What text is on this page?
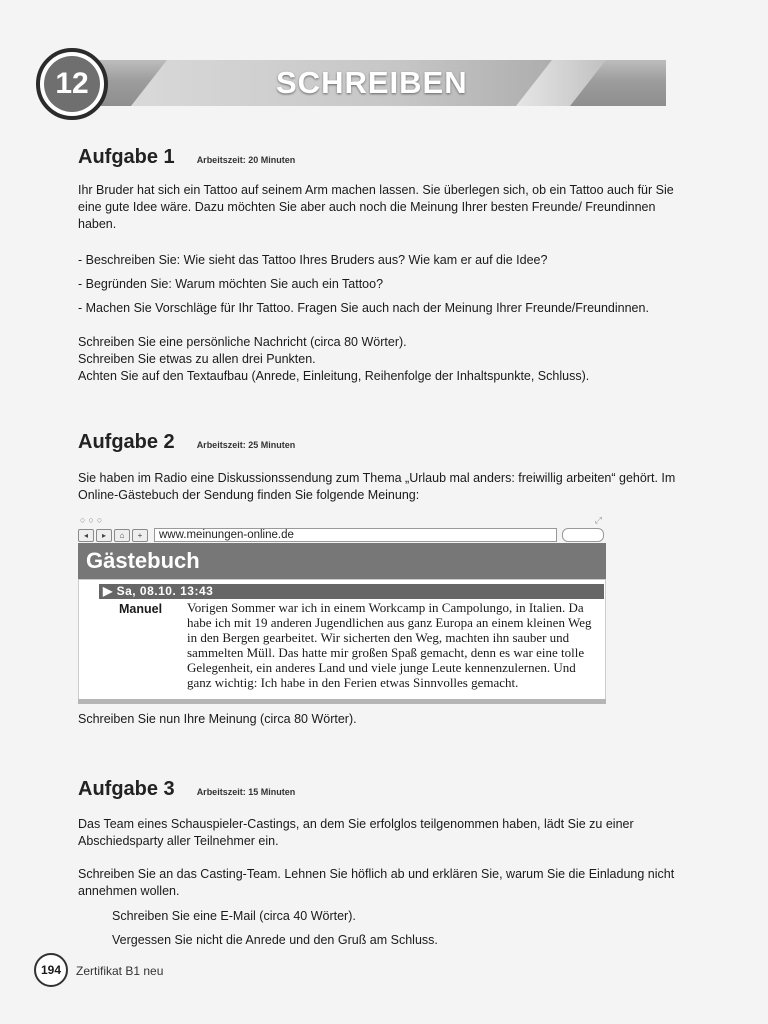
SCHREIBEN
12
Aufgabe 1 Arbeitszeit: 20 Minuten

Ihr Bruder hat sich ein Tattoo auf seinem Arm machen lassen. Sie überlegen sich, ob ein Tattoo auch für Sie eine gute Idee wäre. Dazu möchten Sie aber auch noch die Meinung Ihrer besten Freunde/ Freundinnen haben.

- Beschreiben Sie: Wie sieht das Tattoo Ihres Bruders aus? Wie kam er auf die Idee?

- Begründen Sie: Warum möchten Sie auch ein Tattoo?

- Machen Sie Vorschläge für Ihr Tattoo. Fragen Sie auch nach der Meinung Ihrer Freunde/Freundinnen.

Schreiben Sie eine persönliche Nachricht (circa 80 Wörter).

Schreiben Sie etwas zu allen drei Punkten.

Achten Sie auf den Textaufbau (Anrede, Einleitung, Reihenfolge der Inhaltspunkte, Schluss).

Aufgabe 2 Arbeitszeit: 25 Minuten

Sie haben im Radio eine Diskussionssendung zum Thema „Urlaub mal anders: freiwillig arbeiten“ gehört. Im Online-Gästebuch der Sendung finden Sie folgende Meinung:

○○○	⤢
◂	▸	⌂	+	www.meinungen-online.de
Gästebuch
▶ Sa, 08.10. 13:43
Manuel Vorigen Sommer war ich in einem Workcamp in Campolungo, in Italien. Da habe ich mit 19 anderen Jugendlichen aus ganz Europa an einem kleinen Weg in den Bergen gearbeitet. Wir sicherten den Weg, machten ihn sauber und sammelten Müll. Das hatte mir großen Spaß gemacht, denn es war eine tolle Gelegenheit, ein anderes Land und viele junge Leute kennenzulernen. Und ganz wichtig: Ich habe in den Ferien etwas Sinnvolles gemacht.

Schreiben Sie nun Ihre Meinung (circa 80 Wörter).

Aufgabe 3 Arbeitszeit: 15 Minuten

Das Team eines Schauspieler-Castings, an dem Sie erfolglos teilgenommen haben, lädt Sie zu einer Abschiedsparty aller Teilnehmer ein.

Schreiben Sie an das Casting-Team. Lehnen Sie höflich ab und erklären Sie, warum Sie die Einladung nicht annehmen wollen.

Schreiben Sie eine E-Mail (circa 40 Wörter).

Vergessen Sie nicht die Anrede und den Gruß am Schluss.

194	Zertifikat B1 neu
